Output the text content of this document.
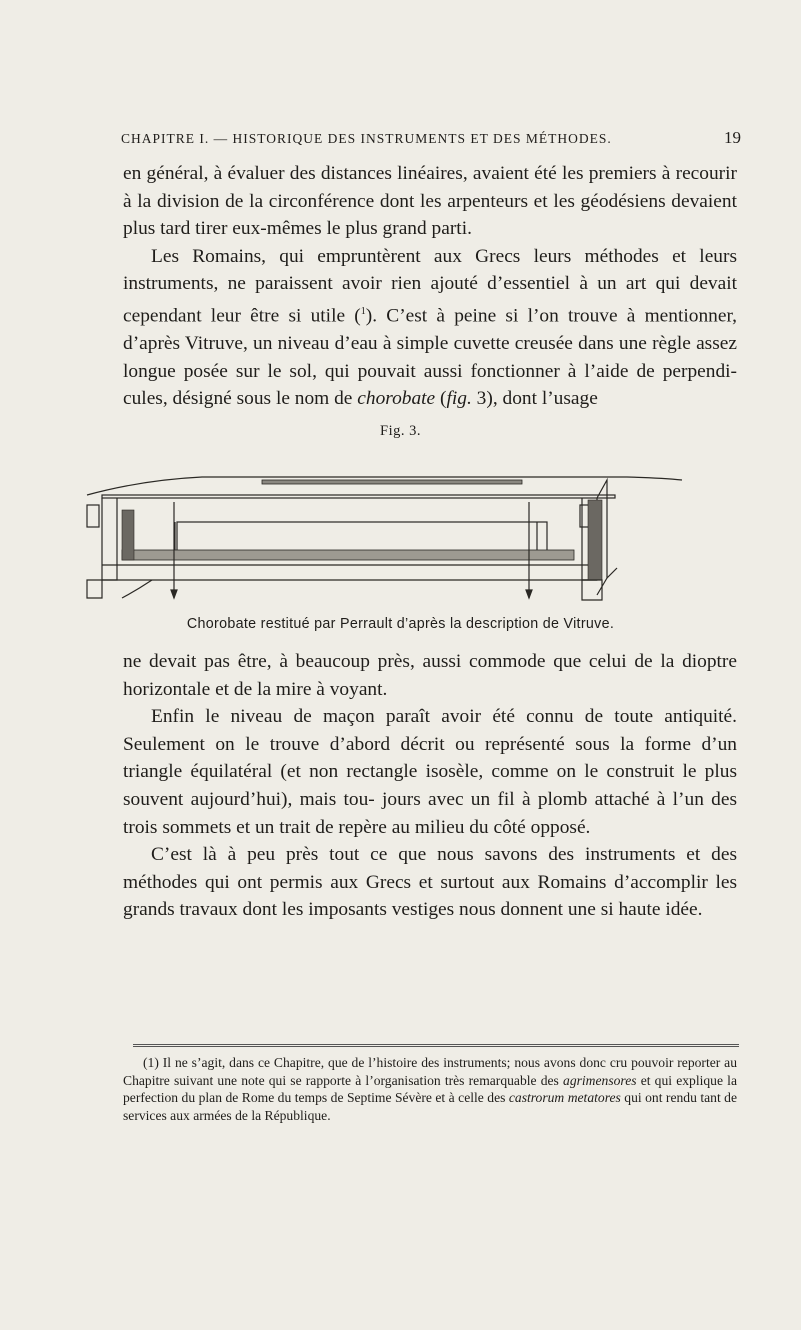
CHAPITRE I. — HISTORIQUE DES INSTRUMENTS ET DES MÉTHODES.	19

en général, à évaluer des distances linéaires, avaient été les premiers à recourir à la division de la circonférence dont les arpenteurs et les géodésiens devaient plus tard tirer eux-mêmes le plus grand parti.

Les Romains, qui empruntèrent aux Grecs leurs méthodes et leurs instruments, ne paraissent avoir rien ajouté d’essentiel à un art qui devait cependant leur être si utile ($^1$). C’est à peine si l’on trouve à mentionner, d’après Vitruve, un niveau d’eau à simple cuvette creusée dans une règle assez longue posée sur le sol, qui pouvait aussi fonctionner à l’aide de perpendi- cules, désigné sous le nom de chorobate (fig. 3), dont l’usage

Fig. 3.
Chorobate restitué par Perrault d’après la description de Vitruve.

ne devait pas être, à beaucoup près, aussi commode que celui de la dioptre horizontale et de la mire à voyant.

Enfin le niveau de maçon paraît avoir été connu de toute antiquité. Seulement on le trouve d’abord décrit ou représenté sous la forme d’un triangle équilatéral (et non rectangle isosèle, comme on le construit le plus souvent aujourd’hui), mais tou- jours avec un fil à plomb attaché à l’un des trois sommets et un trait de repère au milieu du côté opposé.

C’est là à peu près tout ce que nous savons des instruments et des méthodes qui ont permis aux Grecs et surtout aux Romains d’accomplir les grands travaux dont les imposants vestiges nous donnent une si haute idée.

(1) Il ne s’agit, dans ce Chapitre, que de l’histoire des instruments; nous avons donc cru pouvoir reporter au Chapitre suivant une note qui se rapporte à l’organisation très remarquable des agrimensores et qui explique la perfection du plan de Rome du temps de Septime Sévère et à celle des castrorum metatores qui ont rendu tant de services aux armées de la République.
